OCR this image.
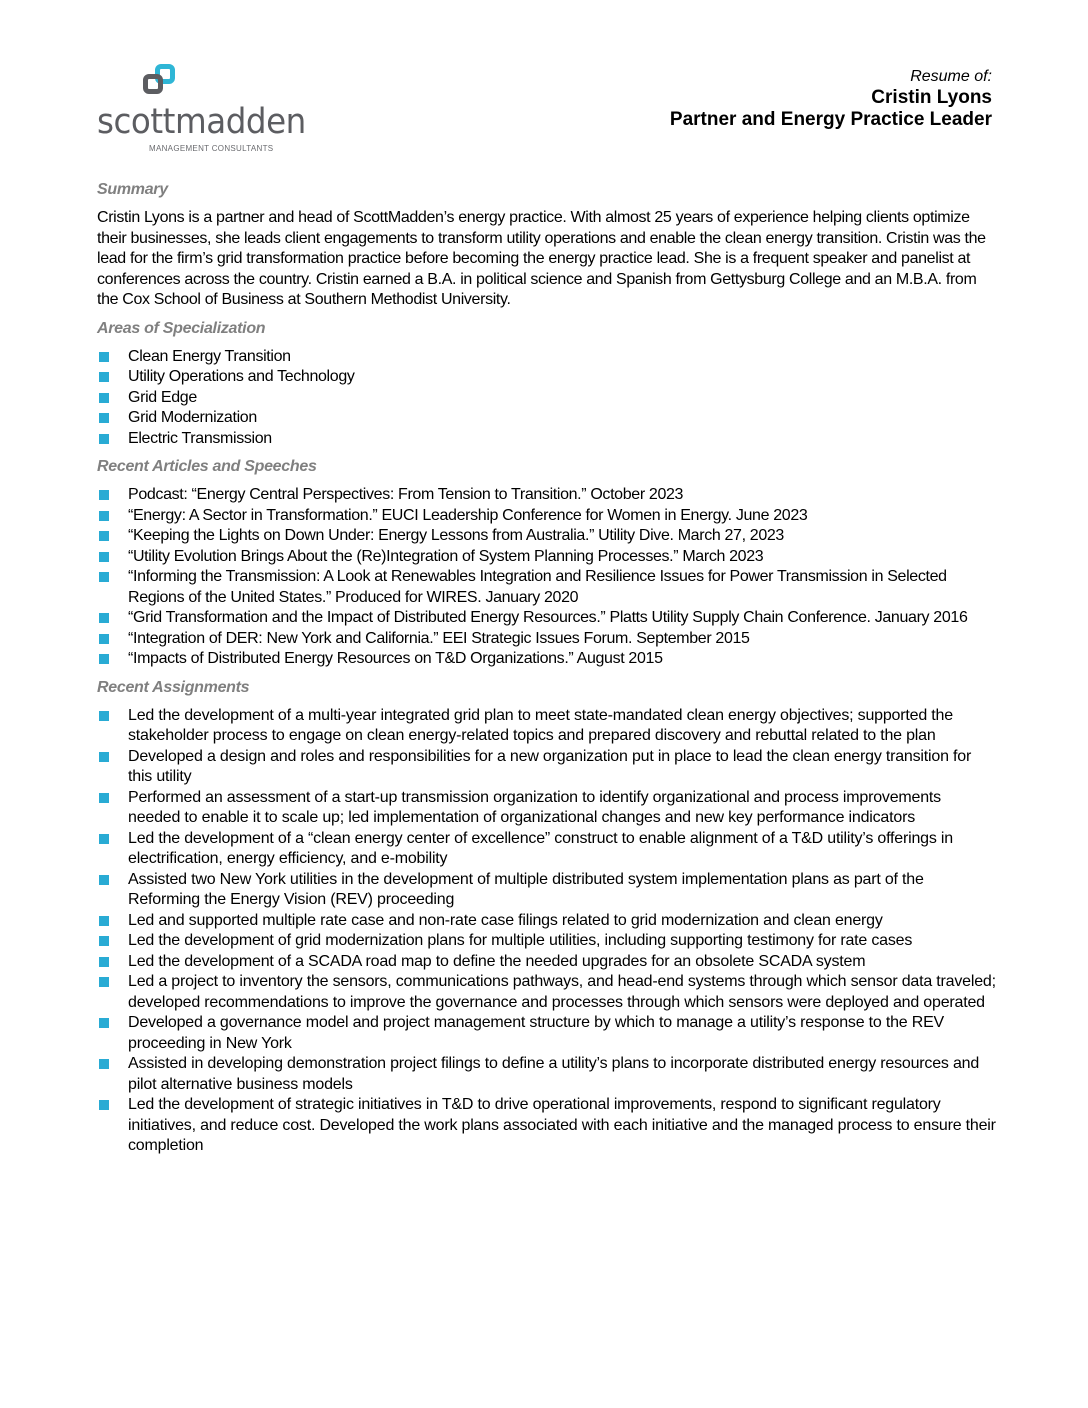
scottmadden
MANAGEMENT CONSULTANTS
Resume of:
Cristin Lyons
Partner and Energy Practice Leader
Summary

Cristin Lyons is a partner and head of ScottMadden’s energy practice. With almost 25 years of experience helping clients optimize their businesses, she leads client engagements to transform utility operations and enable the clean energy transition. Cristin was the lead for the firm’s grid transformation practice before becoming the energy practice lead. She is a frequent speaker and panelist at conferences across the country. Cristin earned a B.A. in political science and Spanish from Gettysburg College and an M.B.A. from the Cox School of Business at Southern Methodist University.

Areas of Specialization
Clean Energy Transition
Utility Operations and Technology
Grid Edge
Grid Modernization
Electric Transmission
Recent Articles and Speeches
Podcast: “Energy Central Perspectives: From Tension to Transition.” October 2023
“Energy: A Sector in Transformation.” EUCI Leadership Conference for Women in Energy. June 2023
“Keeping the Lights on Down Under: Energy Lessons from Australia.” Utility Dive. March 27, 2023
“Utility Evolution Brings About the (Re)Integration of System Planning Processes.” March 2023
“Informing the Transmission: A Look at Renewables Integration and Resilience Issues for Power Transmission in Selected Regions of the United States.” Produced for WIRES. January 2020
“Grid Transformation and the Impact of Distributed Energy Resources.” Platts Utility Supply Chain Conference. January 2016
“Integration of DER: New York and California.” EEI Strategic Issues Forum. September 2015
“Impacts of Distributed Energy Resources on T&D Organizations.” August 2015
Recent Assignments
Led the development of a multi-year integrated grid plan to meet state-mandated clean energy objectives; supported the stakeholder process to engage on clean energy-related topics and prepared discovery and rebuttal related to the plan
Developed a design and roles and responsibilities for a new organization put in place to lead the clean energy transition for this utility
Performed an assessment of a start-up transmission organization to identify organizational and process improvements needed to enable it to scale up; led implementation of organizational changes and new key performance indicators
Led the development of a “clean energy center of excellence” construct to enable alignment of a T&D utility’s offerings in electrification, energy efficiency, and e-mobility
Assisted two New York utilities in the development of multiple distributed system implementation plans as part of the Reforming the Energy Vision (REV) proceeding
Led and supported multiple rate case and non-rate case filings related to grid modernization and clean energy
Led the development of grid modernization plans for multiple utilities, including supporting testimony for rate cases
Led the development of a SCADA road map to define the needed upgrades for an obsolete SCADA system
Led a project to inventory the sensors, communications pathways, and head-end systems through which sensor data traveled; developed recommendations to improve the governance and processes through which sensors were deployed and operated
Developed a governance model and project management structure by which to manage a utility’s response to the REV proceeding in New York
Assisted in developing demonstration project filings to define a utility’s plans to incorporate distributed energy resources and pilot alternative business models
Led the development of strategic initiatives in T&D to drive operational improvements, respond to significant regulatory initiatives, and reduce cost. Developed the work plans associated with each initiative and the managed process to ensure their completion
